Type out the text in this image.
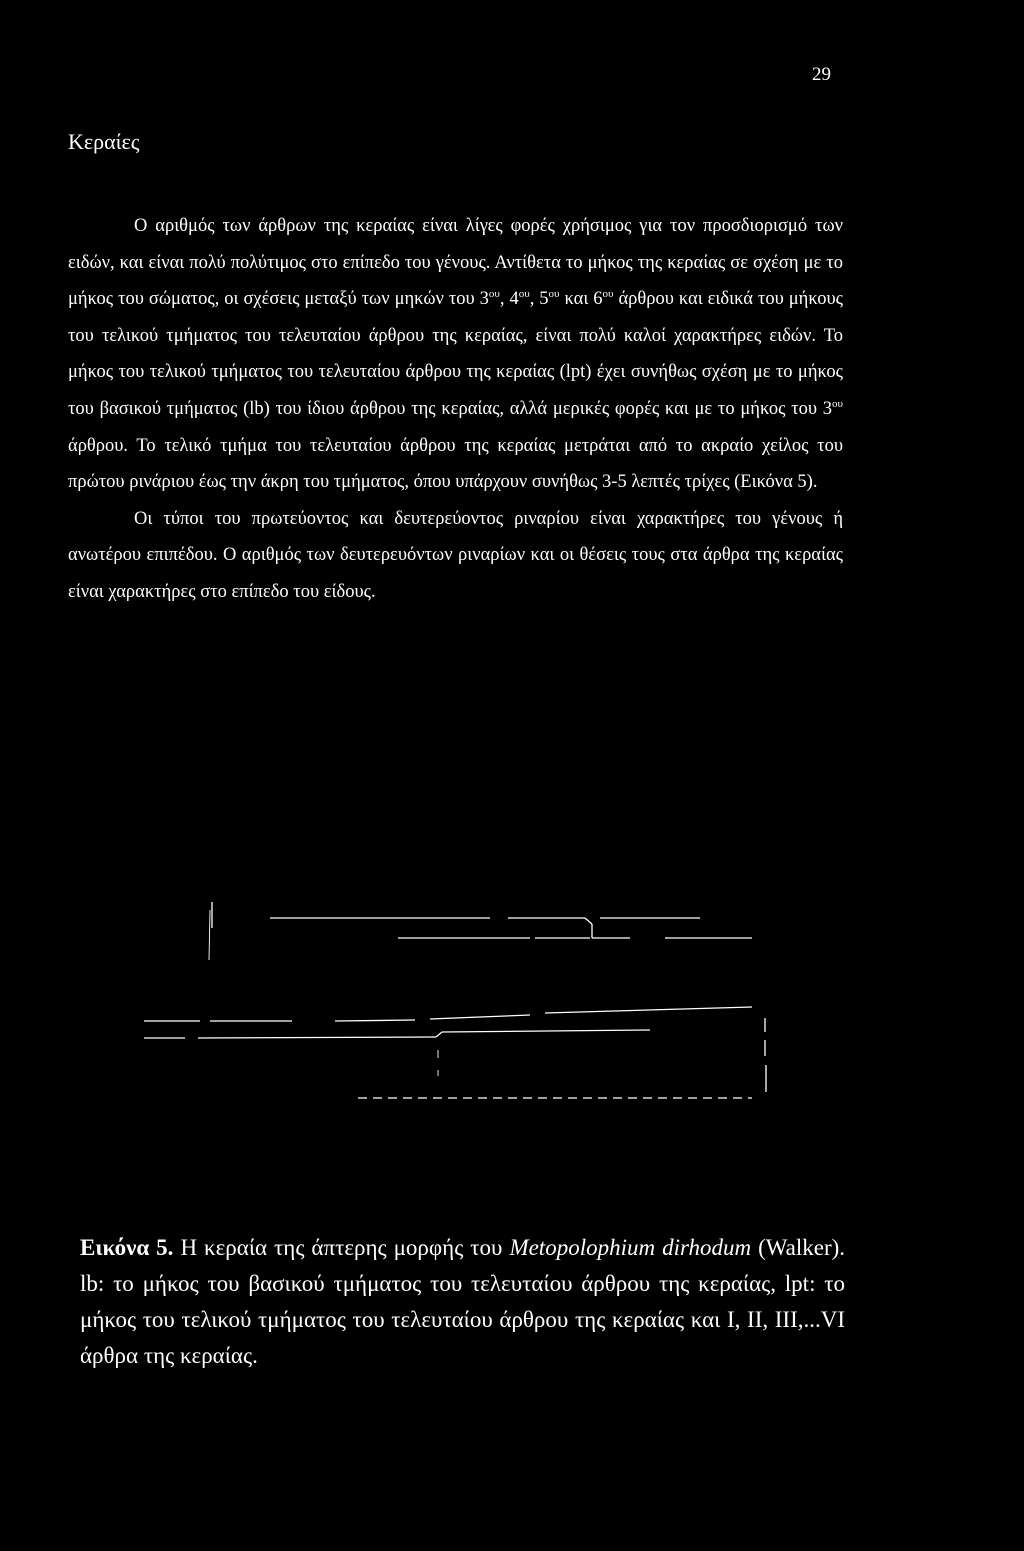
29
Κεραίες

Ο αριθμός των άρθρων της κεραίας είναι λίγες φορές χρήσιμος για τον προσδιορισμό των ειδών, και είναι πολύ πολύτιμος στο επίπεδο του γένους. Αντίθετα το μήκος της κεραίας σε σχέση με το μήκος του σώματος, οι σχέσεις μεταξύ των μηκών του $3^{o\upsilon}$, $4^{o\upsilon}$, $5^{o\upsilon}$ και $6^{o\upsilon}$ άρθρου και ειδικά του μήκους του τελικού τμήματος του τελευταίου άρθρου της κεραίας, είναι πολύ καλοί χαρακτήρες ειδών. Το μήκος του τελικού τμήματος του τελευταίου άρθρου της κεραίας (lpt) έχει συνήθως σχέση με το μήκος του βασικού τμήματος (lb) του ίδιου άρθρου της κεραίας, αλλά μερικές φορές και με το μήκος του $3^{o\upsilon}$ άρθρου. Το τελικό τμήμα του τελευταίου άρθρου της κεραίας μετράται από το ακραίο χείλος του πρώτου ρινάριου έως την άκρη του τμήματος, όπου υπάρχουν συνήθως 3-5 λεπτές τρίχες (Εικόνα 5).

Οι τύποι του πρωτεύοντος και δευτερεύοντος ριναρίου είναι χαρακτήρες του γένους ή ανωτέρου επιπέδου. Ο αριθμός των δευτερευόντων ριναρίων και οι θέσεις τους στα άρθρα της κεραίας είναι χαρακτήρες στο επίπεδο του είδους.

Εικόνα 5. Η κεραία της άπτερης μορφής του Metopolophium dirhodum (Walker). lb: το μήκος του βασικού τμήματος του τελευταίου άρθρου της κεραίας, lpt: το μήκος του τελικού τμήματος του τελευταίου άρθρου της κεραίας και I, II, III,...VI άρθρα της κεραίας.
